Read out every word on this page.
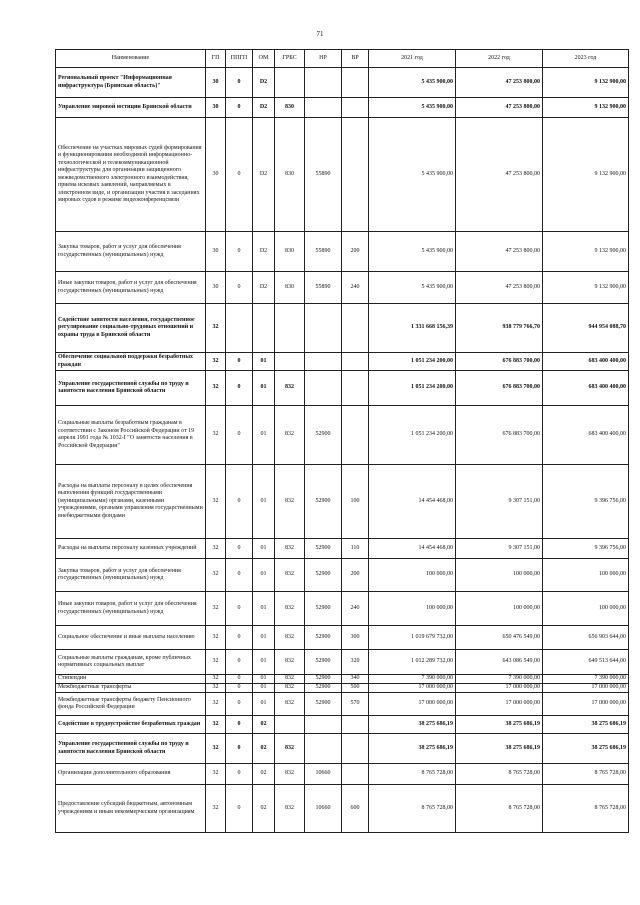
71
Наименование	ГП	ППГП	ОМ	ГРБС	НР	ВР	2021 год	2022 год	2023 год
Региональный проект "Информационная инфраструктура (Брянская область)"	30	0	D2				5 435 900,00	47 253 800,00	9 132 900,00
Управление мировой юстиции Брянской области	30	0	D2	830			5 435 900,00	47 253 800,00	9 132 900,00
Обеспечение на участках мировых судей формирования и функционирования необходимой информационно-технологической и телекоммуникационной инфраструктуры для организации защищенного межведомственного электронного взаимодействия, приема исковых заявлений, направляемых в электронном виде, и организации участия в заседаниях мировых судов в режиме видеоконференцсвязи	30	0	D2	830	55890		5 435 900,00	47 253 800,00	9 132 900,00
Закупка товаров, работ и услуг для обеспечения государственных (муниципальных) нужд	30	0	D2	830	55890	200	5 435 900,00	47 253 800,00	9 132 900,00
Иные закупки товаров, работ и услуг для обеспечения государственных (муниципальных) нужд	30	0	D2	830	55890	240	5 435 900,00	47 253 800,00	9 132 900,00
Содействие занятости населения, государственное регулирование социально-трудовых отношений и охраны труда в Брянской области	32						1 331 668 156,39	938 779 766,70	944 954 088,70
Обеспечение социальной поддержки безработных граждан	32	0	01				1 051 234 200,00	676 883 700,00	683 400 400,00
Управление государственной службы по труду и занятости населения Брянской области	32	0	01	832			1 051 234 200,00	676 883 700,00	683 400 400,00
Социальные выплаты безработным гражданам в соответствии с Законом Российской Федерации от 19 апреля 1991 года № 1032-I "О занятости населения в Российской Федерации"	32	0	01	832	52900		1 051 234 200,00	676 883 700,00	683 400 400,00
Расходы на выплаты персоналу в целях обеспечения выполнения функций государственными (муниципальными) органами, казенными учреждениями, органами управления государственными внебюджетными фондами	32	0	01	832	52900	100	14 454 468,00	9 307 151,00	9 396 756,00
Расходы на выплаты персоналу казенных учреждений	32	0	01	832	52900	110	14 454 468,00	9 307 151,00	9 396 756,00
Закупка товаров, работ и услуг для обеспечения государственных (муниципальных) нужд	32	0	01	832	52900	200	100 000,00	100 000,00	100 000,00
Иные закупки товаров, работ и услуг для обеспечения государственных (муниципальных) нужд	32	0	01	832	52900	240	100 000,00	100 000,00	100 000,00
Социальное обеспечение и иные выплаты населению	32	0	01	832	52900	300	1 019 679 732,00	650 476 549,00	656 903 644,00
Социальные выплаты гражданам, кроме публичных нормативных социальных выплат	32	0	01	832	52900	320	1 012 289 732,00	643 086 549,00	649 513 644,00
Стипендии	32	0	01	832	52900	340	7 390 000,00	7 390 000,00	7 390 000,00
Межбюджетные трансферты	32	0	01	832	52900	500	17 000 000,00	17 000 000,00	17 000 000,00
Межбюджетные трансферты бюджету Пенсионного фонда Российской Федерации	32	0	01	832	52900	570	17 000 000,00	17 000 000,00	17 000 000,00
Содействие в трудоустройстве безработных граждан	32	0	02				38 275 686,19	38 275 686,19	38 275 686,19
Управление государственной службы по труду и занятости населения Брянской области	32	0	02	832			38 275 686,19	38 275 686,19	38 275 686,19
Организации дополнительного образования	32	0	02	832	10660		8 765 728,00	8 765 728,00	8 765 728,00
Предоставление субсидий бюджетным, автономным учреждениям и иным некоммерческим организациям	32	0	02	832	10660	600	8 765 728,00	8 765 728,00	8 765 728,00
